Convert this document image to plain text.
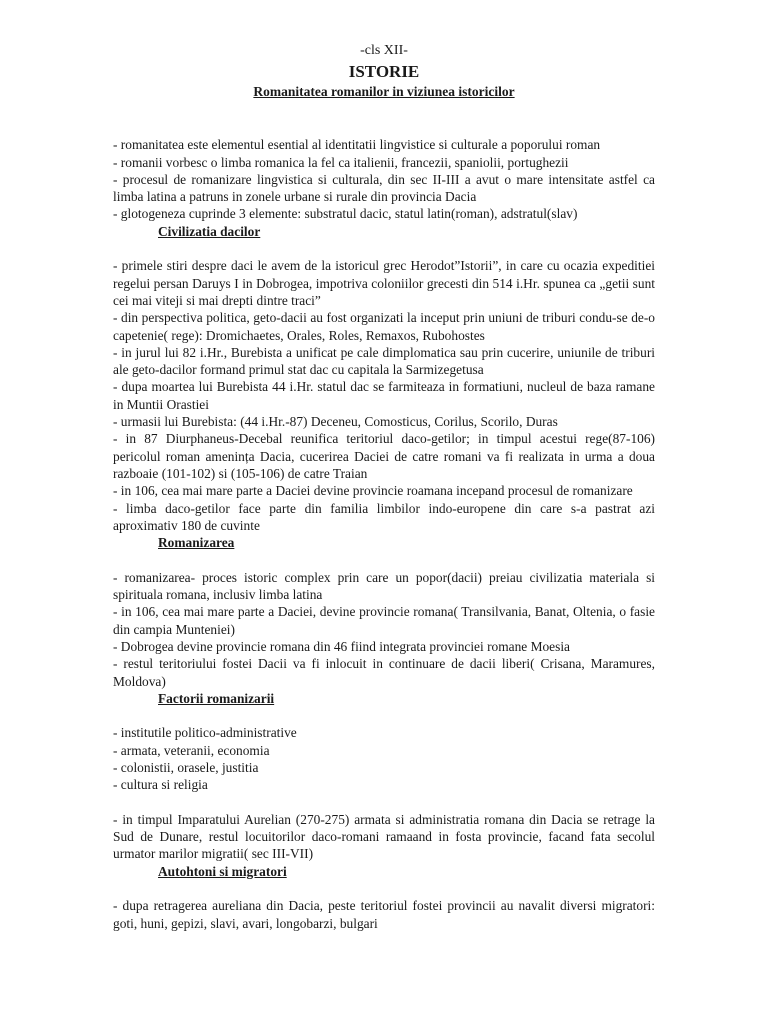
-cls XII-
ISTORIE
Romanitatea romanilor in viziunea istoricilor

- romanitatea este elementul esential al identitatii lingvistice si culturale a poporului roman

- romanii vorbesc o limba romanica la fel ca italienii, francezii, spaniolii, portughezii

- procesul de romanizare lingvistica si culturala, din sec II-III a avut o mare intensitate astfel ca limba latina a patruns in zonele urbane si rurale din provincia Dacia

- glotogeneza cuprinde 3 elemente: substratul dacic, statul latin(roman), adstratul(slav)

Civilizatia dacilor

- primele stiri despre daci le avem de la istoricul grec Herodot”Istorii”, in care cu ocazia expeditiei regelui persan Daruys I in Dobrogea, impotriva coloniilor grecesti din 514 i.Hr. spunea ca „getii sunt cei mai viteji si mai drepti dintre traci”

- din perspectiva politica, geto-dacii au fost organizati la inceput prin uniuni de triburi condu-se de-o capetenie( rege): Dromichaetes, Orales, Roles, Remaxos, Rubohostes

- in jurul lui 82 i.Hr., Burebista a unificat pe cale dimplomatica sau prin cucerire, uniunile de triburi ale geto-dacilor formand primul stat dac cu capitala la Sarmizegetusa

- dupa moartea lui Burebista 44 i.Hr. statul dac se farmiteaza in formatiuni, nucleul de baza ramane in Muntii Orastiei

- urmasii lui Burebista: (44 i.Hr.-87) Deceneu, Comosticus, Corilus, Scorilo, Duras

- in 87 Diurphaneus-Decebal reunifica teritoriul daco-getilor; in timpul acestui rege(87-106) pericolul roman amenința Dacia, cucerirea Daciei de catre romani va fi realizata in urma a doua razboaie (101-102) si (105-106) de catre Traian

- in 106, cea mai mare parte a Daciei devine provincie roamana incepand procesul de romanizare

- limba daco-getilor face parte din familia limbilor indo-europene din care s-a pastrat azi aproximativ 180 de cuvinte

Romanizarea

- romanizarea- proces istoric complex prin care un popor(dacii) preiau civilizatia materiala si spirituala romana, inclusiv limba latina

- in 106, cea mai mare parte a Daciei, devine provincie romana( Transilvania, Banat, Oltenia, o fasie din campia Munteniei)

- Dobrogea devine provincie romana din 46 fiind integrata provinciei romane Moesia

- restul teritoriului fostei Dacii va fi inlocuit in continuare de dacii liberi( Crisana, Maramures, Moldova)

Factorii romanizarii

- institutile politico-administrative

- armata, veteranii, economia

- colonistii, orasele, justitia

- cultura si religia

- in timpul Imparatului Aurelian (270-275) armata si administratia romana din Dacia se retrage la Sud de Dunare, restul locuitorilor daco-romani ramaand in fosta provincie, facand fata secolul urmator marilor migratii( sec III-VII)

Autohtoni si migratori

- dupa retragerea aureliana din Dacia, peste teritoriul fostei provincii au navalit diversi migratori: goti, huni, gepizi, slavi, avari, longobarzi, bulgari
